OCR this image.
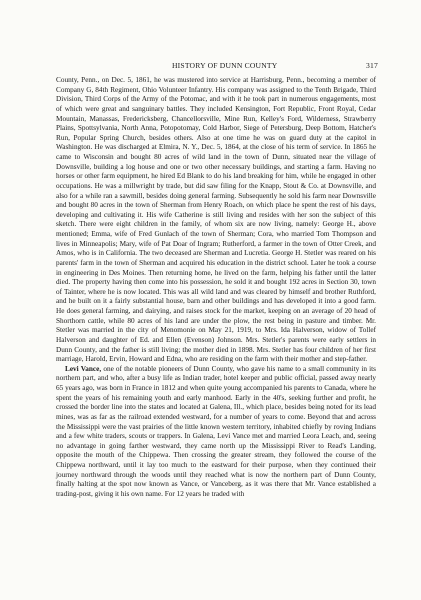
HISTORY OF DUNN COUNTY	317

County, Penn., on Dec. 5, 1861, he was mustered into service at Harrisburg, Penn., becoming a member of Company G, 84th Regiment, Ohio Volunteer Infantry. His company was assigned to the Tenth Brigade, Third Division, Third Corps of the Army of the Potomac, and with it he took part in numerous engagements, most of which were great and sanguinary battles. They included Kensington, Fort Republic, Front Royal, Cedar Mountain, Manassas, Fredericksberg, Chancellorsville, Mine Run, Kelley's Ford, Wilderness, Strawberry Plains, Spottsylvania, North Anna, Potopotomay, Cold Harbor, Siege of Petersburg, Deep Bottom, Hatcher's Run, Popular Spring Church, besides others. Also at one time he was on guard duty at the capitol in Washington. He was discharged at Elmira, N. Y., Dec. 5, 1864, at the close of his term of service. In 1865 he came to Wisconsin and bought 80 acres of wild land in the town of Dunn, situated near the village of Downsville, building a log house and one or two other necessary buildings, and starting a farm. Having no horses or other farm equipment, he hired Ed Blank to do his land breaking for him, while he engaged in other occupations. He was a millwright by trade, but did saw filing for the Knapp, Stout & Co. at Downsville, and also for a while ran a sawmill, besides doing general farming. Subsequently he sold his farm near Downsville and bought 80 acres in the town of Sherman from Henry Roach, on which place he spent the rest of his days, developing and cultivating it. His wife Catherine is still living and resides with her son the subject of this sketch. There were eight children in the family, of whom six are now living, namely: George H., above mentioned; Emma, wife of Fred Gunlach of the town of Sherman; Cora, who married Tom Thompson and lives in Minneapolis; Mary, wife of Pat Doar of Ingram; Rutherford, a farmer in the town of Otter Creek, and Amos, who is in California. The two deceased are Sherman and Lucretia. George H. Stetler was reared on his parents' farm in the town of Sherman and acquired his education in the district school. Later he took a course in engineering in Des Moines. Then returning home, he lived on the farm, helping his father until the latter died. The property having then come into his possession, he sold it and bought 192 acres in Section 30, town of Tainter, where he is now located. This was all wild land and was cleared by himself and brother Ruthford, and he built on it a fairly substantial house, barn and other buildings and has developed it into a good farm. He does general farming, and dairying, and raises stock for the market, keeping on an average of 20 head of Shorthorn cattle, while 80 acres of his land are under the plow, the rest being in pasture and timber. Mr. Stetler was married in the city of Menomonie on May 21, 1919, to Mrs. Ida Halverson, widow of Tollef Halverson and daughter of Ed. and Ellen (Evenson) Johnson. Mrs. Stetler's parents were early settlers in Dunn County, and the father is still living; the mother died in 1898. Mrs. Stetler has four children of her first marriage, Harold, Ervin, Howard and Edna, who are residing on the farm with their mother and step-father.

Levi Vance, one of the notable pioneers of Dunn County, who gave his name to a small community in its northern part, and who, after a busy life as Indian trader, hotel keeper and public official, passed away nearly 65 years ago, was born in France in 1812 and when quite young accompanied his parents to Canada, where he spent the years of his remaining youth and early manhood. Early in the 40's, seeking further and profit, he crossed the border line into the states and located at Galena, Ill., which place, besides being noted for its lead mines, was as far as the railroad extended westward, for a number of years to come. Beyond that and across the Mississippi were the vast prairies of the little known western territory, inhabited chiefly by roving Indians and a few white traders, scouts or trappers. In Galena, Levi Vance met and married Leora Leach, and, seeing no advantage in going farther westward, they came north up the Mississippi River to Read's Landing, opposite the mouth of the Chippewa. Then crossing the greater stream, they followed the course of the Chippewa northward, until it lay too much to the eastward for their purpose, when they continued their journey northward through the woods until they reached what is now the northern part of Dunn County, finally halting at the spot now known as Vance, or Vanceberg, as it was there that Mr. Vance established a trading-post, giving it his own name. For 12 years he traded with
